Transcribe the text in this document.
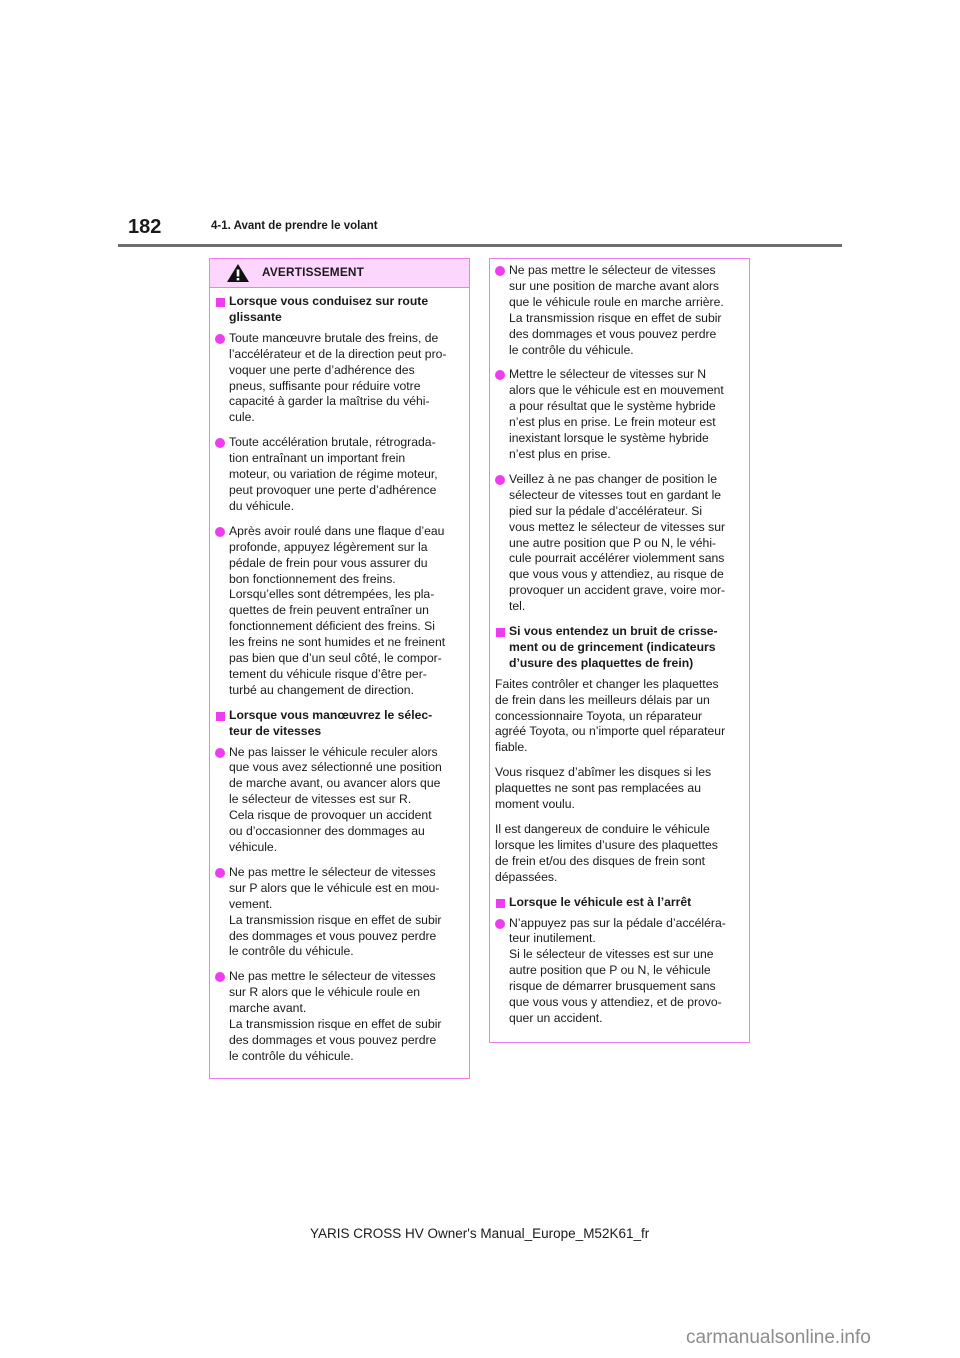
182	4-1. Avant de prendre le volant
AVERTISSEMENT
Lorsque vous conduisez sur route
glissante
Toute manœuvre brutale des freins, de
l’accélérateur et de la direction peut pro-
voquer une perte d’adhérence des
pneus, suffisante pour réduire votre
capacité à garder la maîtrise du véhi-
cule.
Toute accélération brutale, rétrograda-
tion entraînant un important frein
moteur, ou variation de régime moteur,
peut provoquer une perte d’adhérence
du véhicule.
Après avoir roulé dans une flaque d’eau
profonde, appuyez légèrement sur la
pédale de frein pour vous assurer du
bon fonctionnement des freins.
Lorsqu’elles sont détrempées, les pla-
quettes de frein peuvent entraîner un
fonctionnement déficient des freins. Si
les freins ne sont humides et ne freinent
pas bien que d’un seul côté, le compor-
tement du véhicule risque d’être per-
turbé au changement de direction.
Lorsque vous manœuvrez le sélec-
teur de vitesses
Ne pas laisser le véhicule reculer alors
que vous avez sélectionné une position
de marche avant, ou avancer alors que
le sélecteur de vitesses est sur R.
Cela risque de provoquer un accident
ou d’occasionner des dommages au
véhicule.
Ne pas mettre le sélecteur de vitesses
sur P alors que le véhicule est en mou-
vement.
La transmission risque en effet de subir
des dommages et vous pouvez perdre
le contrôle du véhicule.
Ne pas mettre le sélecteur de vitesses
sur R alors que le véhicule roule en
marche avant.
La transmission risque en effet de subir
des dommages et vous pouvez perdre
le contrôle du véhicule.
Ne pas mettre le sélecteur de vitesses
sur une position de marche avant alors
que le véhicule roule en marche arrière.
La transmission risque en effet de subir
des dommages et vous pouvez perdre
le contrôle du véhicule.
Mettre le sélecteur de vitesses sur N
alors que le véhicule est en mouvement
a pour résultat que le système hybride
n’est plus en prise. Le frein moteur est
inexistant lorsque le système hybride
n’est plus en prise.
Veillez à ne pas changer de position le
sélecteur de vitesses tout en gardant le
pied sur la pédale d’accélérateur. Si
vous mettez le sélecteur de vitesses sur
une autre position que P ou N, le véhi-
cule pourrait accélérer violemment sans
que vous vous y attendiez, au risque de
provoquer un accident grave, voire mor-
tel.
Si vous entendez un bruit de crisse-
ment ou de grincement (indicateurs
d’usure des plaquettes de frein)
Faites contrôler et changer les plaquettes
de frein dans les meilleurs délais par un
concessionnaire Toyota, un réparateur
agréé Toyota, ou n’importe quel réparateur
fiable.
Vous risquez d’abîmer les disques si les
plaquettes ne sont pas remplacées au
moment voulu.
Il est dangereux de conduire le véhicule
lorsque les limites d’usure des plaquettes
de frein et/ou des disques de frein sont
dépassées.
Lorsque le véhicule est à l’arrêt
N’appuyez pas sur la pédale d’accéléra-
teur inutilement.
Si le sélecteur de vitesses est sur une
autre position que P ou N, le véhicule
risque de démarrer brusquement sans
que vous vous y attendiez, et de provo-
quer un accident.
YARIS CROSS HV Owner's Manual_Europe_M52K61_fr
carmanualsonline.info
